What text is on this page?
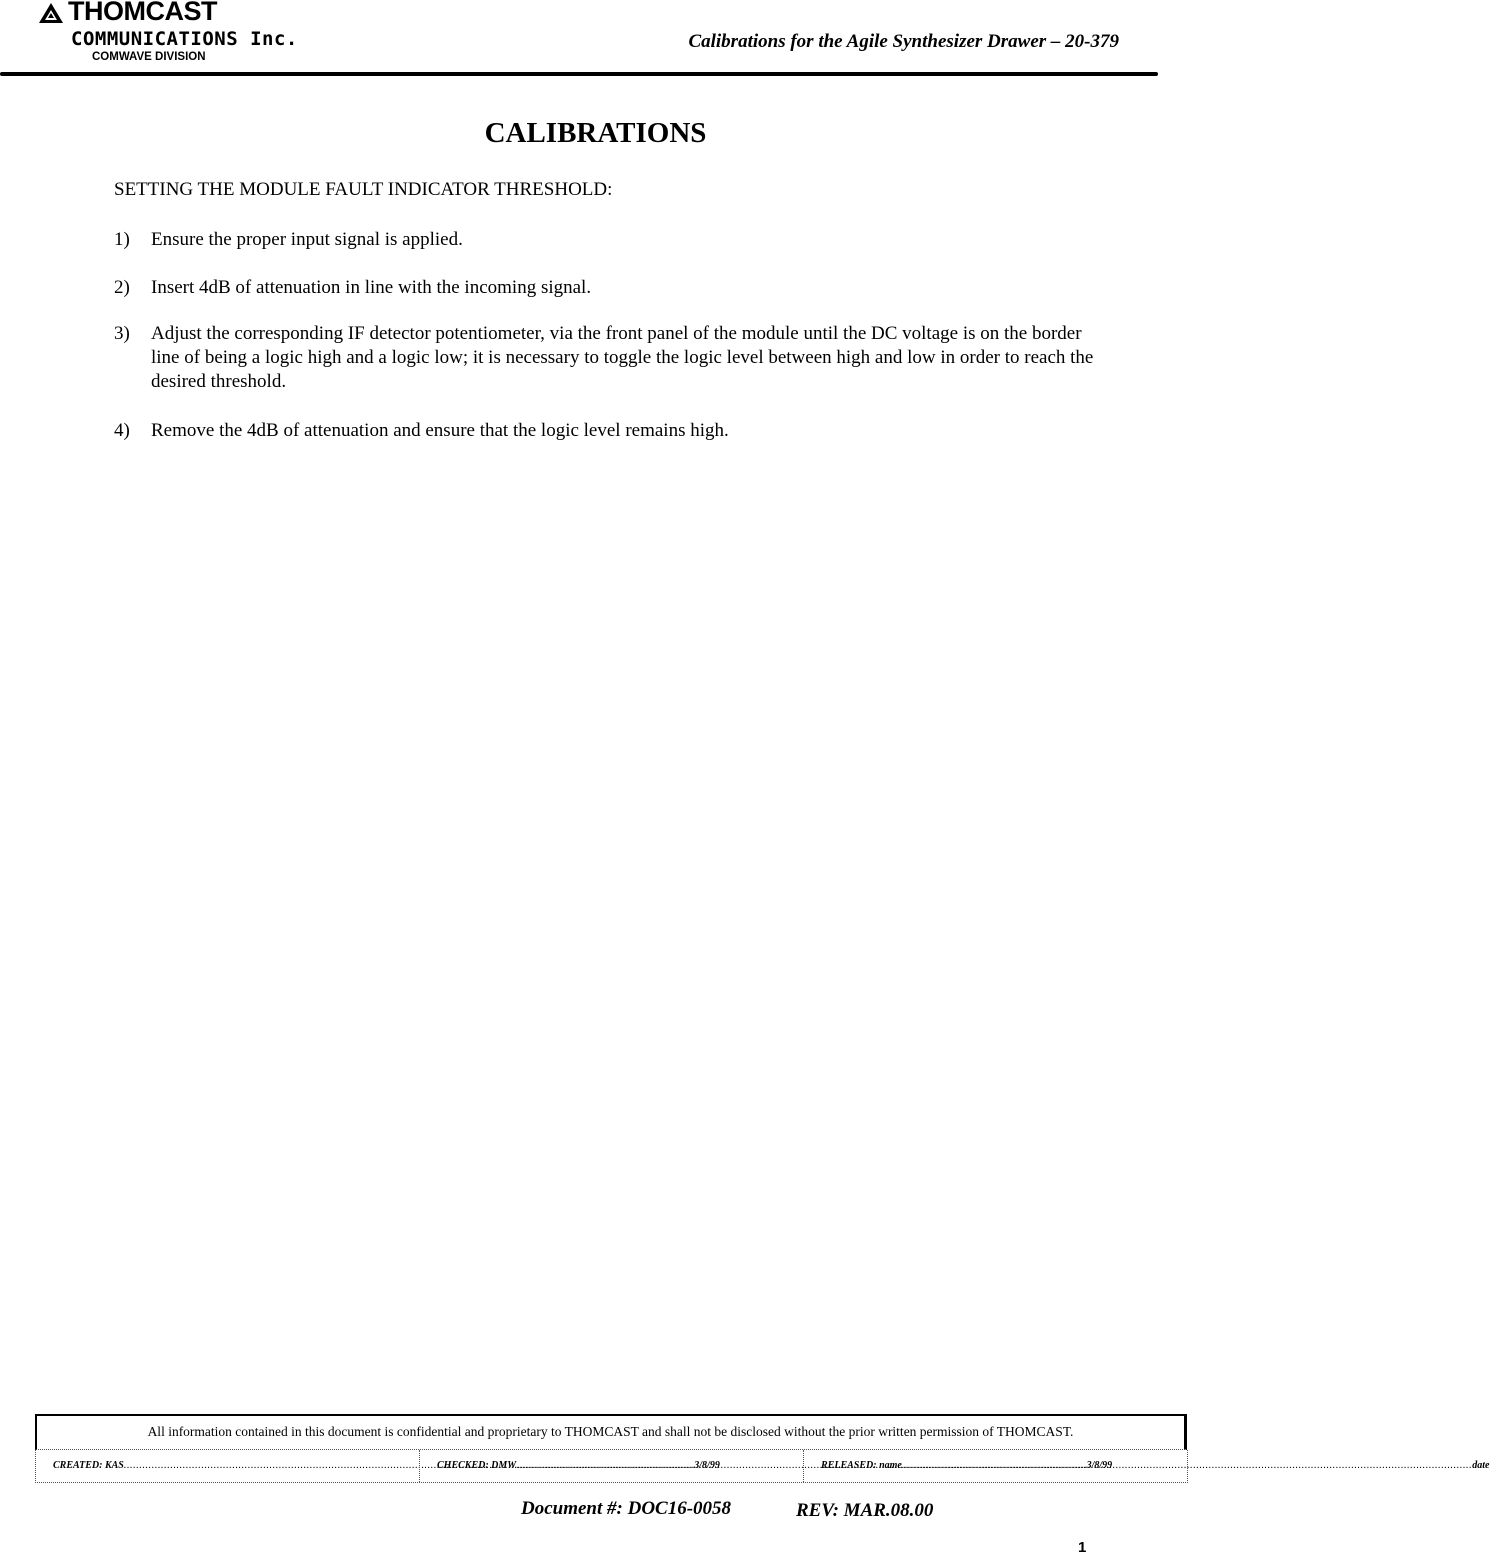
THOMCAST
COMMUNICATIONS Inc.
COMWAVE DIVISION
Calibrations for the Agile Synthesizer Drawer – 20-379
CALIBRATIONS
SETTING THE MODULE FAULT INDICATOR THRESHOLD:
1) Ensure the proper input signal is applied.
2) Insert 4dB of attenuation in line with the incoming signal.
3) Adjust the corresponding IF detector potentiometer, via the front panel of the module until the DC voltage is on the border line of being a logic high and a logic low; it is necessary to toggle the logic level between high and low in order to reach the desired threshold.
4) Remove the 4dB of attenuation and ensure that the logic level remains high.
All information contained in this document is confidential and proprietary to THOMCAST and shall not be disclosed without the prior written permission of THOMCAST.
CREATED: KAS .....	3/8/99
CHECKED: DMW .....	3/8/99
RELEASED: name .....	date
Document #: DOC16-0058	REV: MAR.08.00
1
